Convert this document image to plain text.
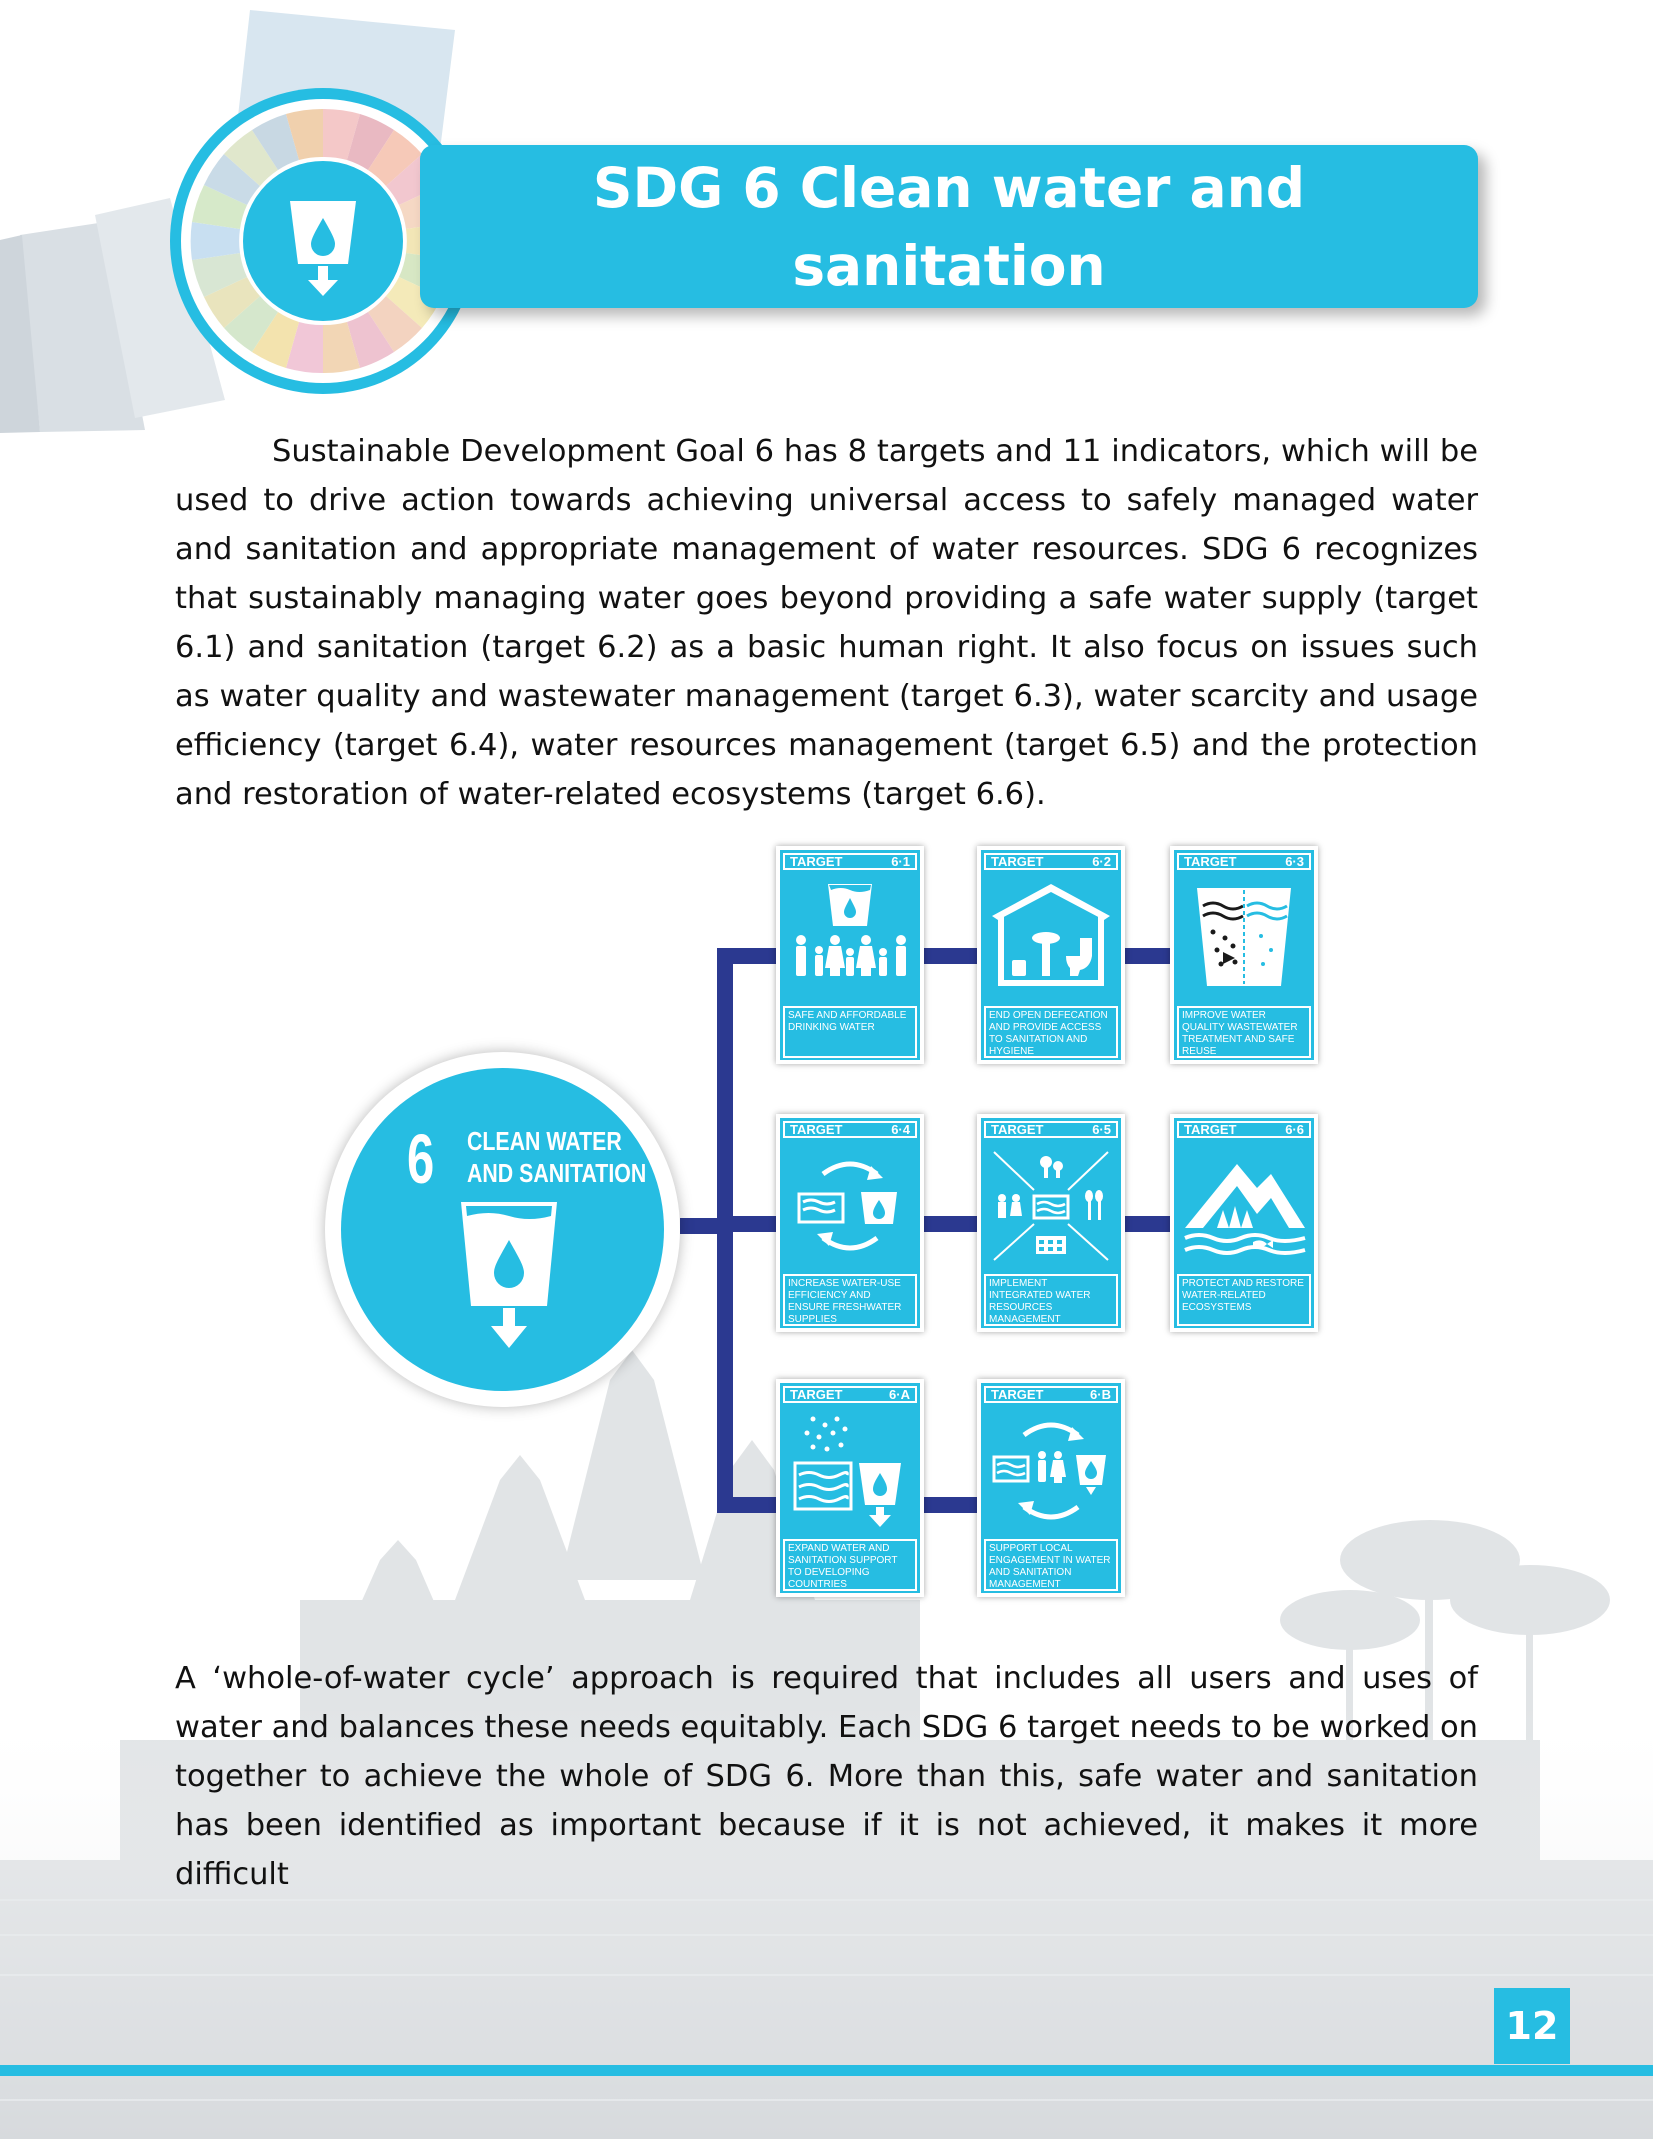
SDG 6 Clean water and
sanitation

Sustainable Development Goal 6 has 8 targets and 11 indicators, which will be used to drive action towards achieving universal access to safely managed water and sanitation and appropriate management of water resources. SDG 6 recognizes that sustainably managing water goes beyond providing a safe water supply (target 6.1) and sanitation (target 6.2) as a basic human right. It also focus on issues such as water quality and wastewater management (target 6.3), water scarcity and usage efficiency (target 6.4), water resources management (target 6.5) and the protection and restoration of water-related ecosystems (target 6.6).

6 CLEAN WATER
AND SANITATION
TARGET	6·1
SAFE AND AFFORDABLE DRINKING WATER
TARGET	6·2
END OPEN DEFECATION AND PROVIDE ACCESS TO SANITATION AND HYGIENE
TARGET	6·3
IMPROVE WATER QUALITY WASTEWATER TREATMENT AND SAFE REUSE
TARGET	6·4
INCREASE WATER-USE EFFICIENCY AND ENSURE FRESHWATER SUPPLIES
TARGET	6·5
IMPLEMENT INTEGRATED WATER RESOURCES MANAGEMENT
TARGET	6·6
PROTECT AND RESTORE WATER-RELATED ECOSYSTEMS
TARGET	6·A
EXPAND WATER AND SANITATION SUPPORT TO DEVELOPING COUNTRIES
TARGET	6·B
SUPPORT LOCAL ENGAGEMENT IN WATER AND SANITATION MANAGEMENT

A ‘whole-of-water cycle’ approach is required that includes all users and uses of water and balances these needs equitably. Each SDG 6 target needs to be worked on together to achieve the whole of SDG 6. More than this, safe water and sanitation has been identified as important because if it is not achieved, it makes it more difficult

12
